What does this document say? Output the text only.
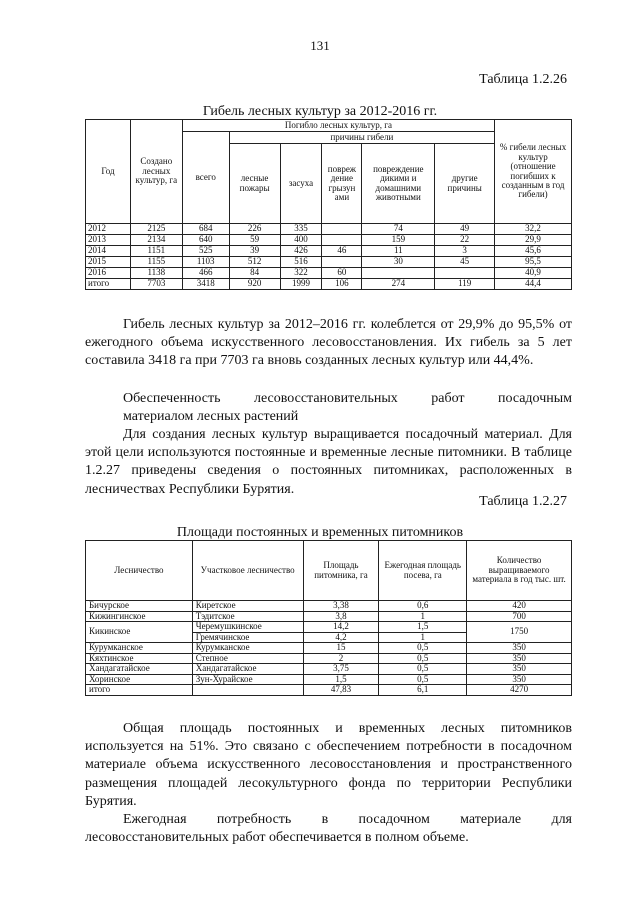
131
Таблица 1.2.26
Гибель лесных культур за 2012-2016 гг.
Год	Создано лесных культур, га	Погибло лесных культур, га						% гибели лесных культур (отношение погибших к созданным в год гибели)
		всего	причины гибели					
			лесные пожары	засуха	повреж дение грызун ами	повреждение дикими и домашними животными	другие причины	
2012	2125	684	226	335		74	49	32,2
2013	2134	640	59	400		159	22	29,9
2014	1151	525	39	426	46	11	3	45,6
2015	1155	1103	512	516		30	45	95,5
2016	1138	466	84	322	60			40,9
итого	7703	3418	920	1999	106	274	119	44,4
Гибель лесных культур за 2012–2016 гг. колеблется от 29,9% до 95,5% от ежегодного объема искусственного лесовосстановления. Их гибель за 5 лет составила 3418 га при 7703 га вновь созданных лесных культур или 44,4%.
Обеспеченность лесовосстановительных работ посадочным
материалом лесных растений
Для создания лесных культур выращивается посадочный материал. Для этой цели используются постоянные и временные лесные питомники. В таблице 1.2.27 приведены сведения о постоянных питомниках, расположенных в лесничествах Республики Бурятия.
Таблица 1.2.27
Площади постоянных и временных питомников
Лесничество	Участковое лесничество	Площадь питомника, га	Ежегодная площадь посева, га	Количество выращиваемого материала в год тыс. шт.
Бичурское	Киретское	3,38	0,6	420
Кижингинское	Тэдитское	3,8	1	700
Кикинское	Черемушкинское	14,2	1,5	1750
	Гремячинское	4,2	1	
Курумканское	Курумканское	15	0,5	350
Кяхтинское	Степное	2	0,5	350
Хандагатайское	Хандагатайское	3,75	0,5	350
Хоринское	Зун-Хурайское	1,5	0,5	350
итого		47,83	6,1	4270
Общая площадь постоянных и временных лесных питомников используется на 51%. Это связано с обеспечением потребности в посадочном материале объема искусственного лесовосстановления и пространственного размещения площадей лесокультурного фонда по территории Республики Бурятия.
Ежегодная потребность в посадочном материале для лесовосстановительных работ обеспечивается в полном объеме.
